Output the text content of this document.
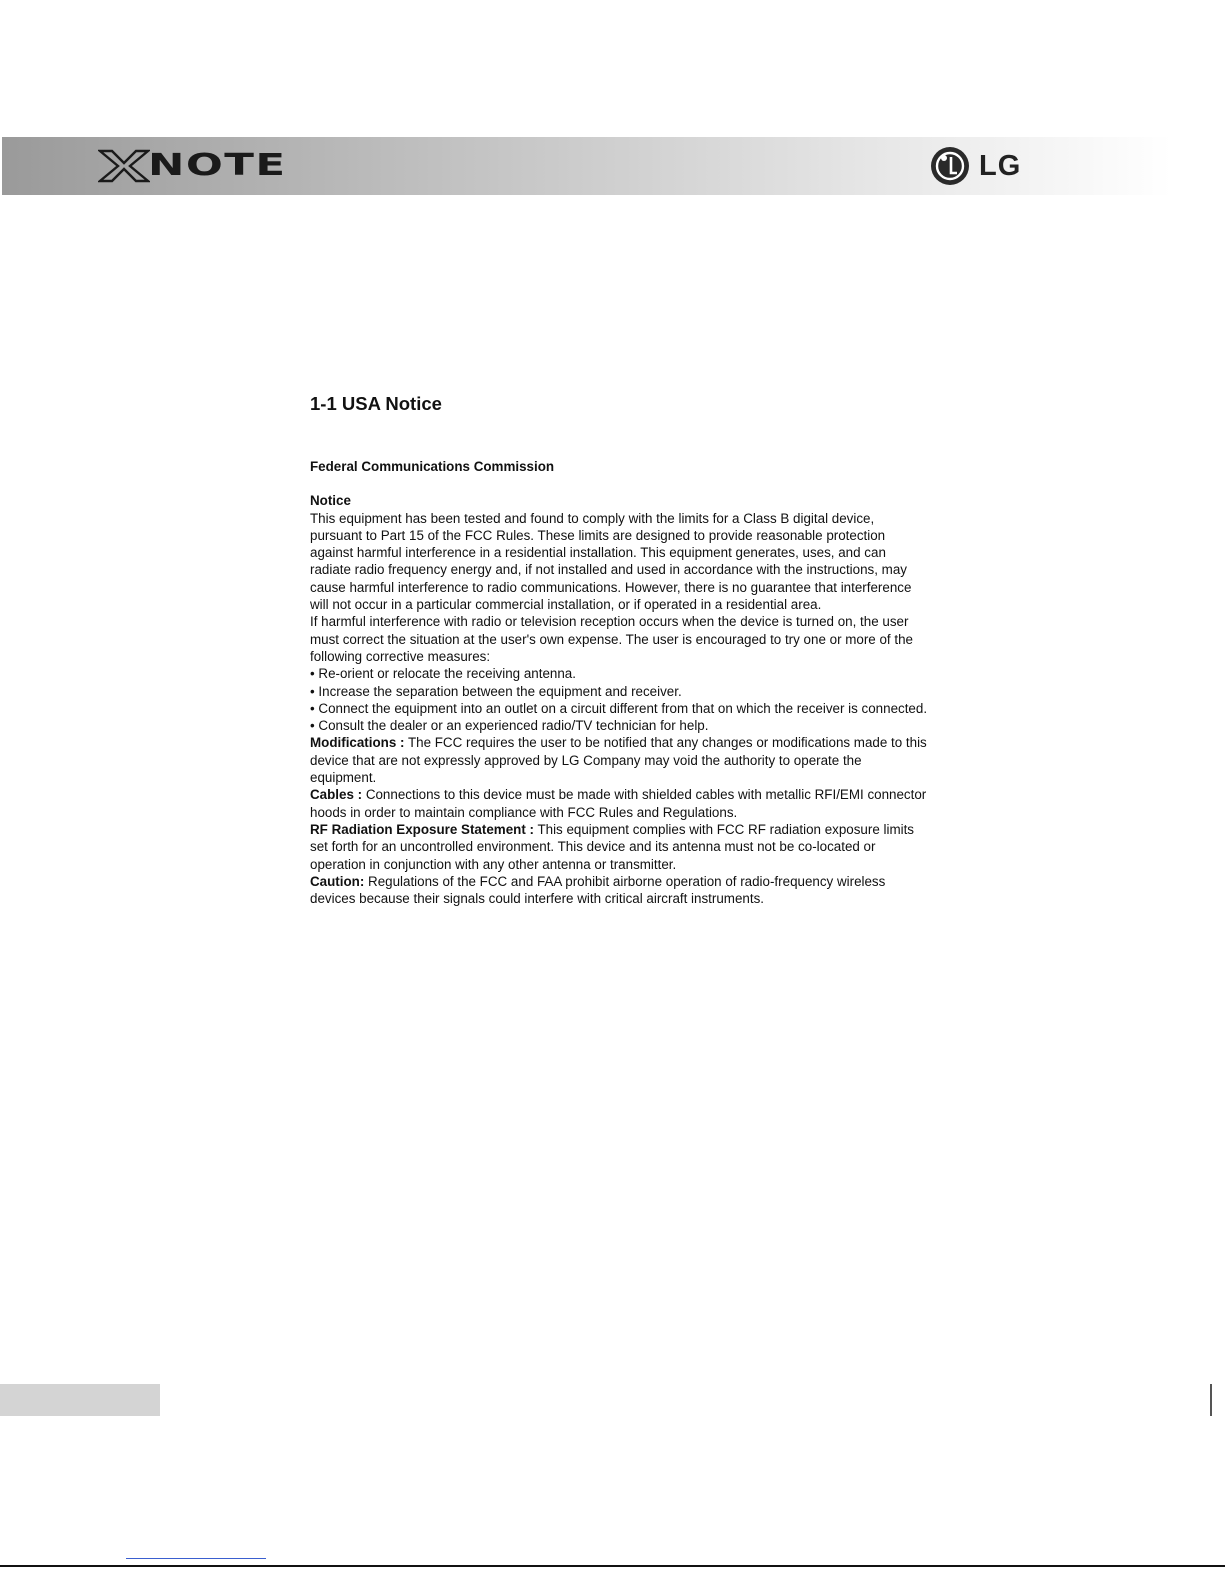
NOTE	LG
1-1 USA Notice

Federal Communications Commission

Notice

This equipment has been tested and found to comply with the limits for a Class B digital device, pursuant to Part 15 of the FCC Rules. These limits are designed to provide reasonable protection against harmful interference in a residential installation. This equipment generates, uses, and can radiate radio frequency energy and, if not installed and used in accordance with the instructions, may cause harmful interference to radio communications. However, there is no guarantee that interference will not occur in a particular commercial installation, or if operated in a residential area.

If harmful interference with radio or television reception occurs when the device is turned on, the user must correct the situation at the user's own expense. The user is encouraged to try one or more of the following corrective measures:

• Re-orient or relocate the receiving antenna.

• Increase the separation between the equipment and receiver.

• Connect the equipment into an outlet on a circuit different from that on which the receiver is connected.

• Consult the dealer or an experienced radio/TV technician for help.

Modifications : The FCC requires the user to be notified that any changes or modifications made to this device that are not expressly approved by LG Company may void the authority to operate the equipment.

Cables : Connections to this device must be made with shielded cables with metallic RFI/EMI connector hoods in order to maintain compliance with FCC Rules and Regulations.

RF Radiation Exposure Statement : This equipment complies with FCC RF radiation exposure limits set forth for an uncontrolled environment. This device and its antenna must not be co-located or operation in conjunction with any other antenna or transmitter.

Caution: Regulations of the FCC and FAA prohibit airborne operation of radio-frequency wireless devices because their signals could interfere with critical aircraft instruments.
